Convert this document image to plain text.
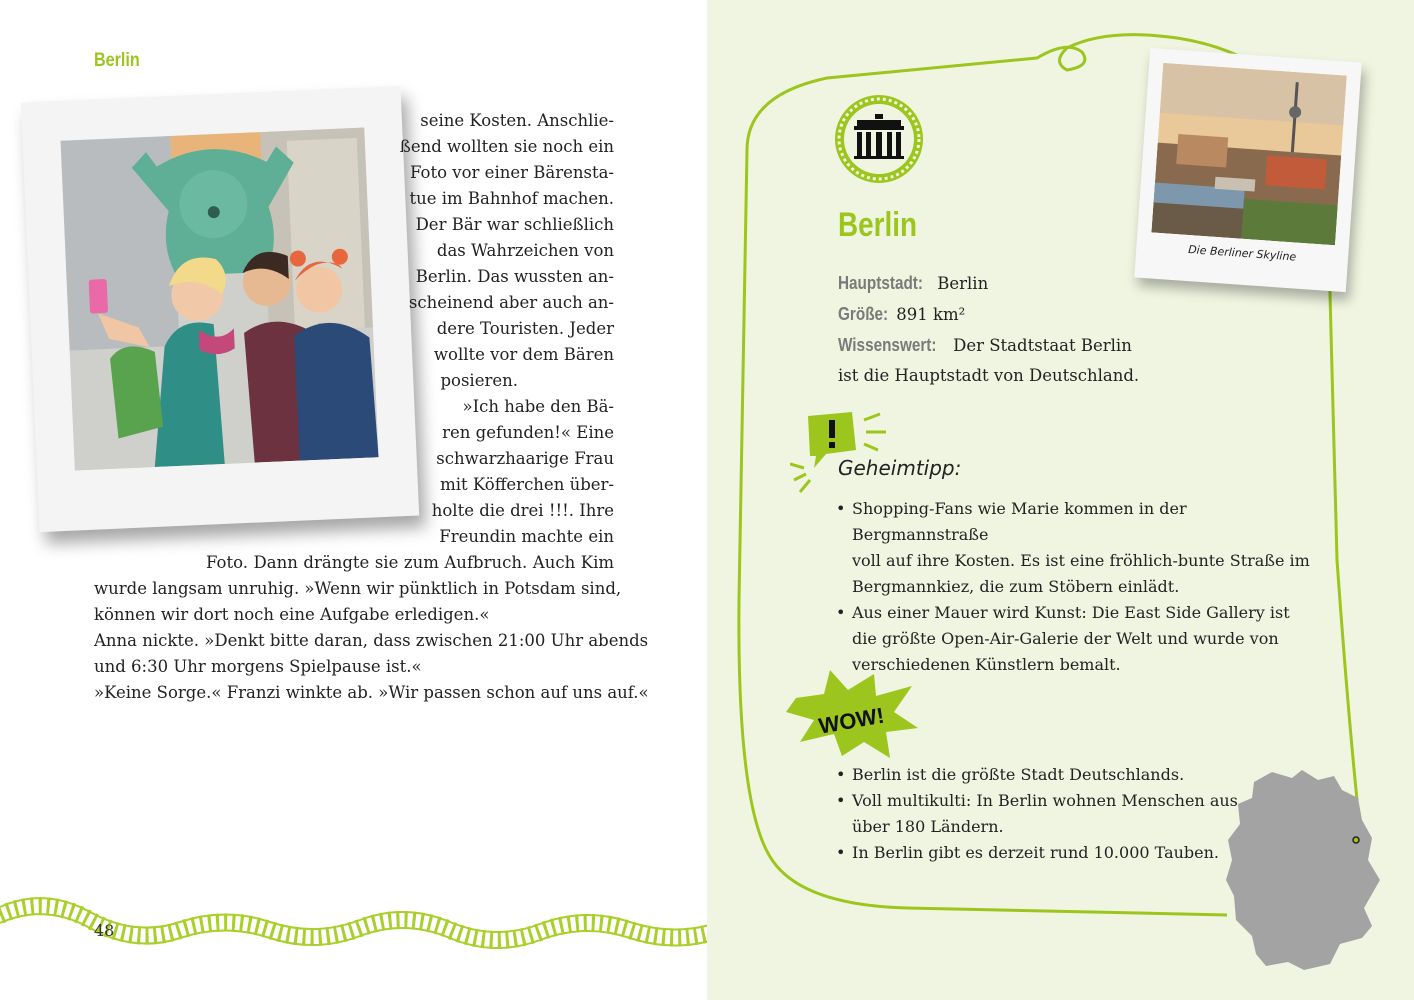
Berlin
seine Kosten. Anschlie-
ßend wollten sie noch ein
Foto vor einer Bärensta-
tue im Bahnhof machen.
Der Bär war schließlich
das Wahrzeichen von
Berlin. Das wussten an-
scheinend aber auch an-
dere Touristen. Jeder
wollte vor dem Bären
posieren.
»Ich habe den Bä-
ren gefunden!« Eine
schwarzhaarige Frau
mit Köfferchen über-
holte die drei !!!. Ihre
Freundin machte ein
Foto. Dann drängte sie zum Aufbruch. Auch Kim
wurde langsam unruhig. »Wenn wir pünktlich in Potsdam sind,
können wir dort noch eine Aufgabe erledigen.«
Anna nickte. »Denkt bitte daran, dass zwischen 21:00 Uhr abends
und 6:30 Uhr morgens Spielpause ist.«
»Keine Sorge.« Franzi winkte ab. »Wir passen schon auf uns auf.«
48
Berlin
Hauptstadt: Berlin
Größe: 891 km²
Wissenswert: Der Stadtstaat Berlin
ist die Hauptstadt von Deutschland.
Geheimtipp:
• Shopping-Fans wie Marie kommen in der Bergmannstraße
voll auf ihre Kosten. Es ist eine fröhlich-bunte Straße im
Bergmannkiez, die zum Stöbern einlädt.
• Aus einer Mauer wird Kunst: Die East Side Gallery ist
die größte Open-Air-Galerie der Welt und wurde von
verschiedenen Künstlern bemalt.
WOW!
• Berlin ist die größte Stadt Deutschlands.
• Voll multikulti: In Berlin wohnen Menschen aus
über 180 Ländern.
• In Berlin gibt es derzeit rund 10.000 Tauben.
Die Berliner Skyline
